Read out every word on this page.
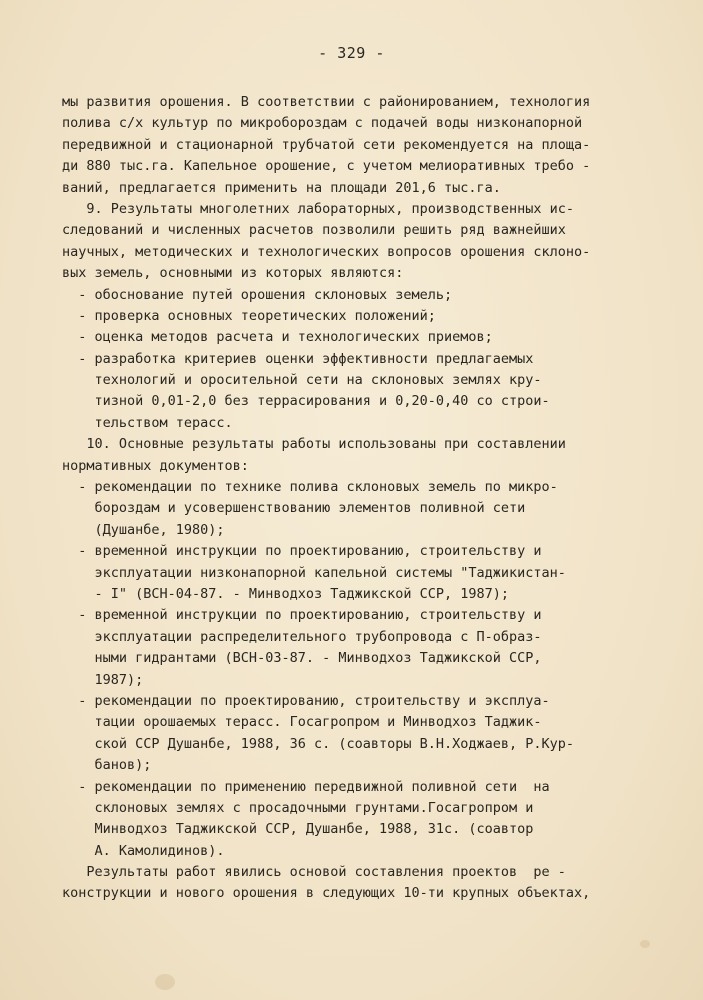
- 329 -
мы развития орошения. В соответствии с районированием, технология
полива с/х культур по микробороздам с подачей воды низконапорной
передвижной и стационарной трубчатой сети рекомендуется на площа-
ди 880 тыс.га. Капельное орошение, с учетом мелиоративных требо -
ваний, предлагается применить на площади 201,6 тыс.га.
9. Результаты многолетних лабораторных, производственных ис-
следований и численных расчетов позволили решить ряд важнейших
научных, методических и технологических вопросов орошения склоно-
вых земель, основными из которых являются:
- обоснование путей орошения склоновых земель;
- проверка основных теоретических положений;
- оценка методов расчета и технологических приемов;
- разработка критериев оценки эффективности предлагаемых
технологий и оросительной сети на склоновых землях кру-
тизной 0,01-2,0 без террасирования и 0,20-0,40 со строи-
тельством терасс.
10. Основные результаты работы использованы при составлении
нормативных документов:
- рекомендации по технике полива склоновых земель по микро-
бороздам и усовершенствованию элементов поливной сети
(Душанбе, 1980);
- временной инструкции по проектированию, строительству и
эксплуатации низконапорной капельной системы "Таджикистан-
- I" (ВСН-04-87. - Минводхоз Таджикской ССР, 1987);
- временной инструкции по проектированию, строительству и
эксплуатации распределительного трубопровода с П-образ-
ными гидрантами (ВСН-03-87. - Минводхоз Таджикской ССР,
1987);
- рекомендации по проектированию, строительству и эксплуа-
тации орошаемых терасс. Госагропром и Минводхоз Таджик-
ской ССР Душанбе, 1988, 36 с. (соавторы В.Н.Ходжаев, Р.Кур-
банов);
- рекомендации по применению передвижной поливной сети  на
склоновых землях с просадочными грунтами.Госагропром и
Минводхоз Таджикской ССР, Душанбе, 1988, 31с. (соавтор
А. Камолидинов).
Результаты работ явились основой составления проектов  ре -
конструкции и нового орошения в следующих 10-ти крупных объектах,
